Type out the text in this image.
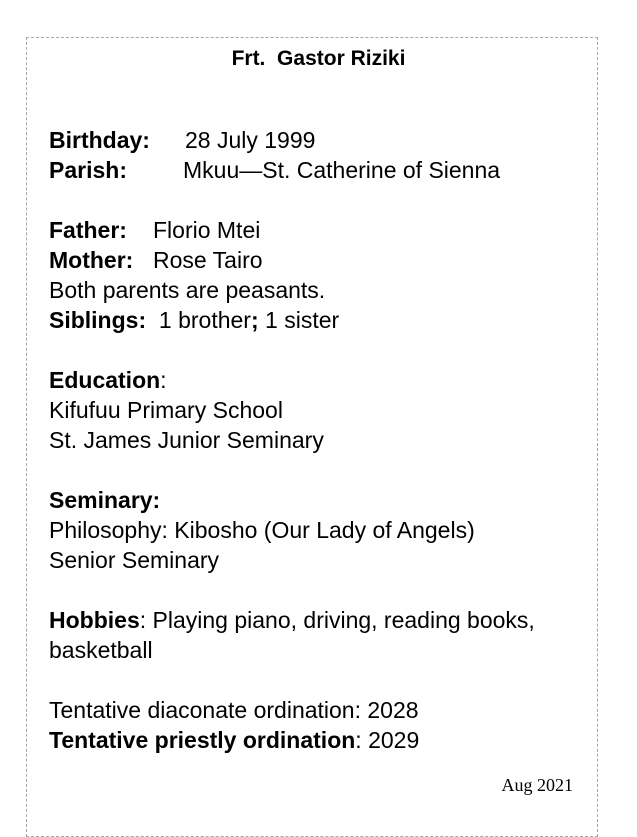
Frt.  Gastor Riziki
Birthday: 28 July 1999
Parish: Mkuu—St. Catherine of Sienna
Father: Florio Mtei
Mother: Rose Tairo
Both parents are peasants.
Siblings: 1 brother; 1 sister
Education:
Kifufuu Primary School
St. James Junior Seminary
Seminary:
Philosophy: Kibosho (Our Lady of Angels)
Senior Seminary
Hobbies: Playing piano, driving, reading books, basketball
Tentative diaconate ordination: 2028
Tentative priestly ordination: 2029
Aug 2021
